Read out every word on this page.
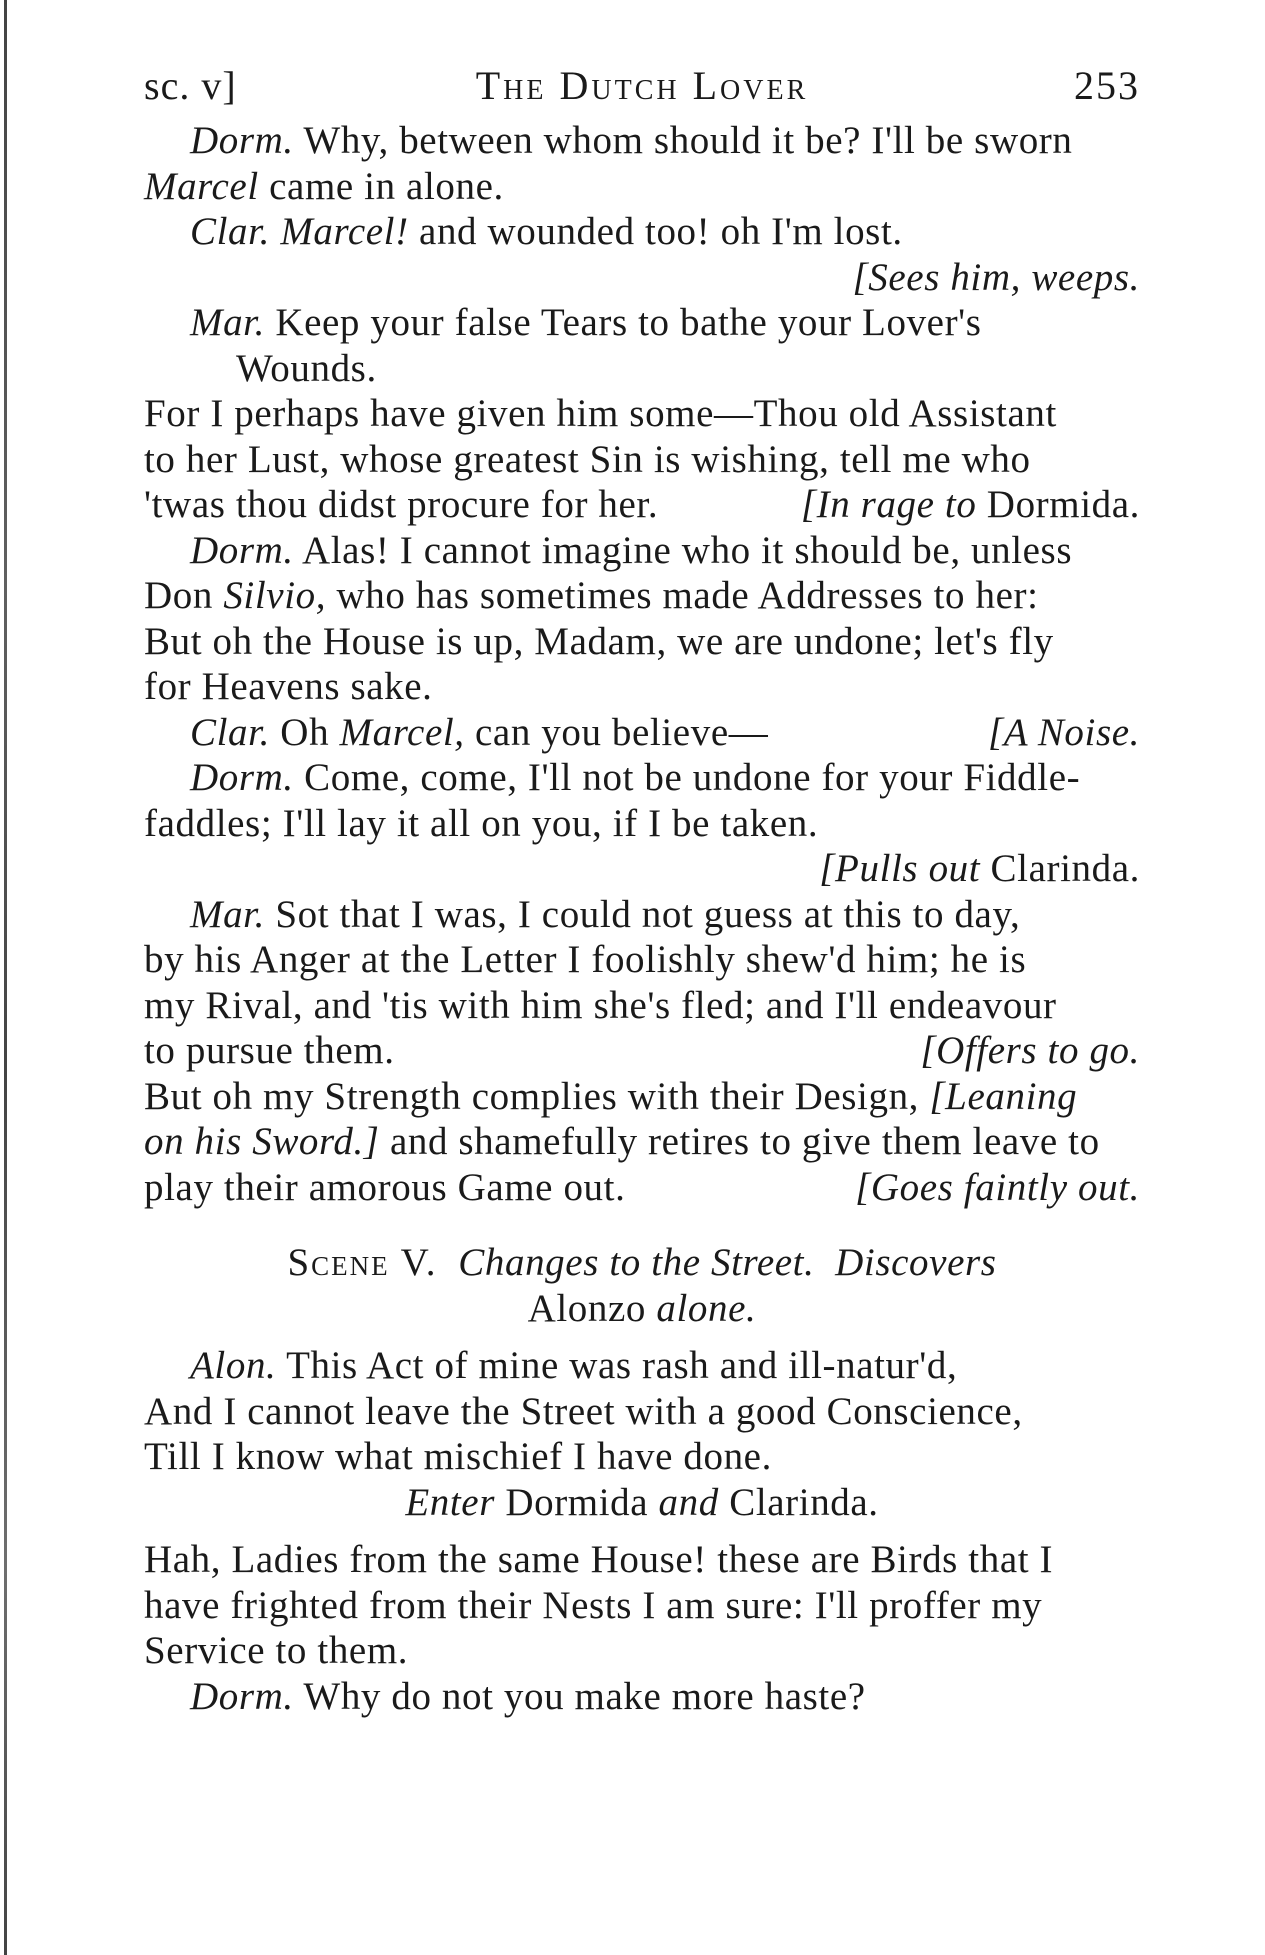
sc. v]	The Dutch Lover	253
Dorm. Why, between whom should it be? I'll be sworn
Marcel came in alone.
Clar. Marcel! and wounded too! oh I'm lost.
[Sees him, weeps.
Mar. Keep your false Tears to bathe your Lover's
Wounds.
For I perhaps have given him some—Thou old Assistant
to her Lust, whose greatest Sin is wishing, tell me who
'twas thou didst procure for her.	[In rage to Dormida.
Dorm. Alas! I cannot imagine who it should be, unless
Don Silvio, who has sometimes made Addresses to her:
But oh the House is up, Madam, we are undone; let's fly
for Heavens sake.
Clar. Oh Marcel, can you believe—	[A Noise.
Dorm. Come, come, I'll not be undone for your Fiddle-
faddles; I'll lay it all on you, if I be taken.
[Pulls out Clarinda.
Mar. Sot that I was, I could not guess at this to day,
by his Anger at the Letter I foolishly shew'd him; he is
my Rival, and 'tis with him she's fled; and I'll endeavour
to pursue them.	[Offers to go.
But oh my Strength complies with their Design, [Leaning
on his Sword.] and shamefully retires to give them leave to
play their amorous Game out.	[Goes faintly out.
Scene V. Changes to the Street. Discovers
Alonzo alone.
Alon. This Act of mine was rash and ill-natur'd,
And I cannot leave the Street with a good Conscience,
Till I know what mischief I have done.
Enter Dormida and Clarinda.
Hah, Ladies from the same House! these are Birds that I
have frighted from their Nests I am sure: I'll proffer my
Service to them.
Dorm. Why do not you make more haste?
